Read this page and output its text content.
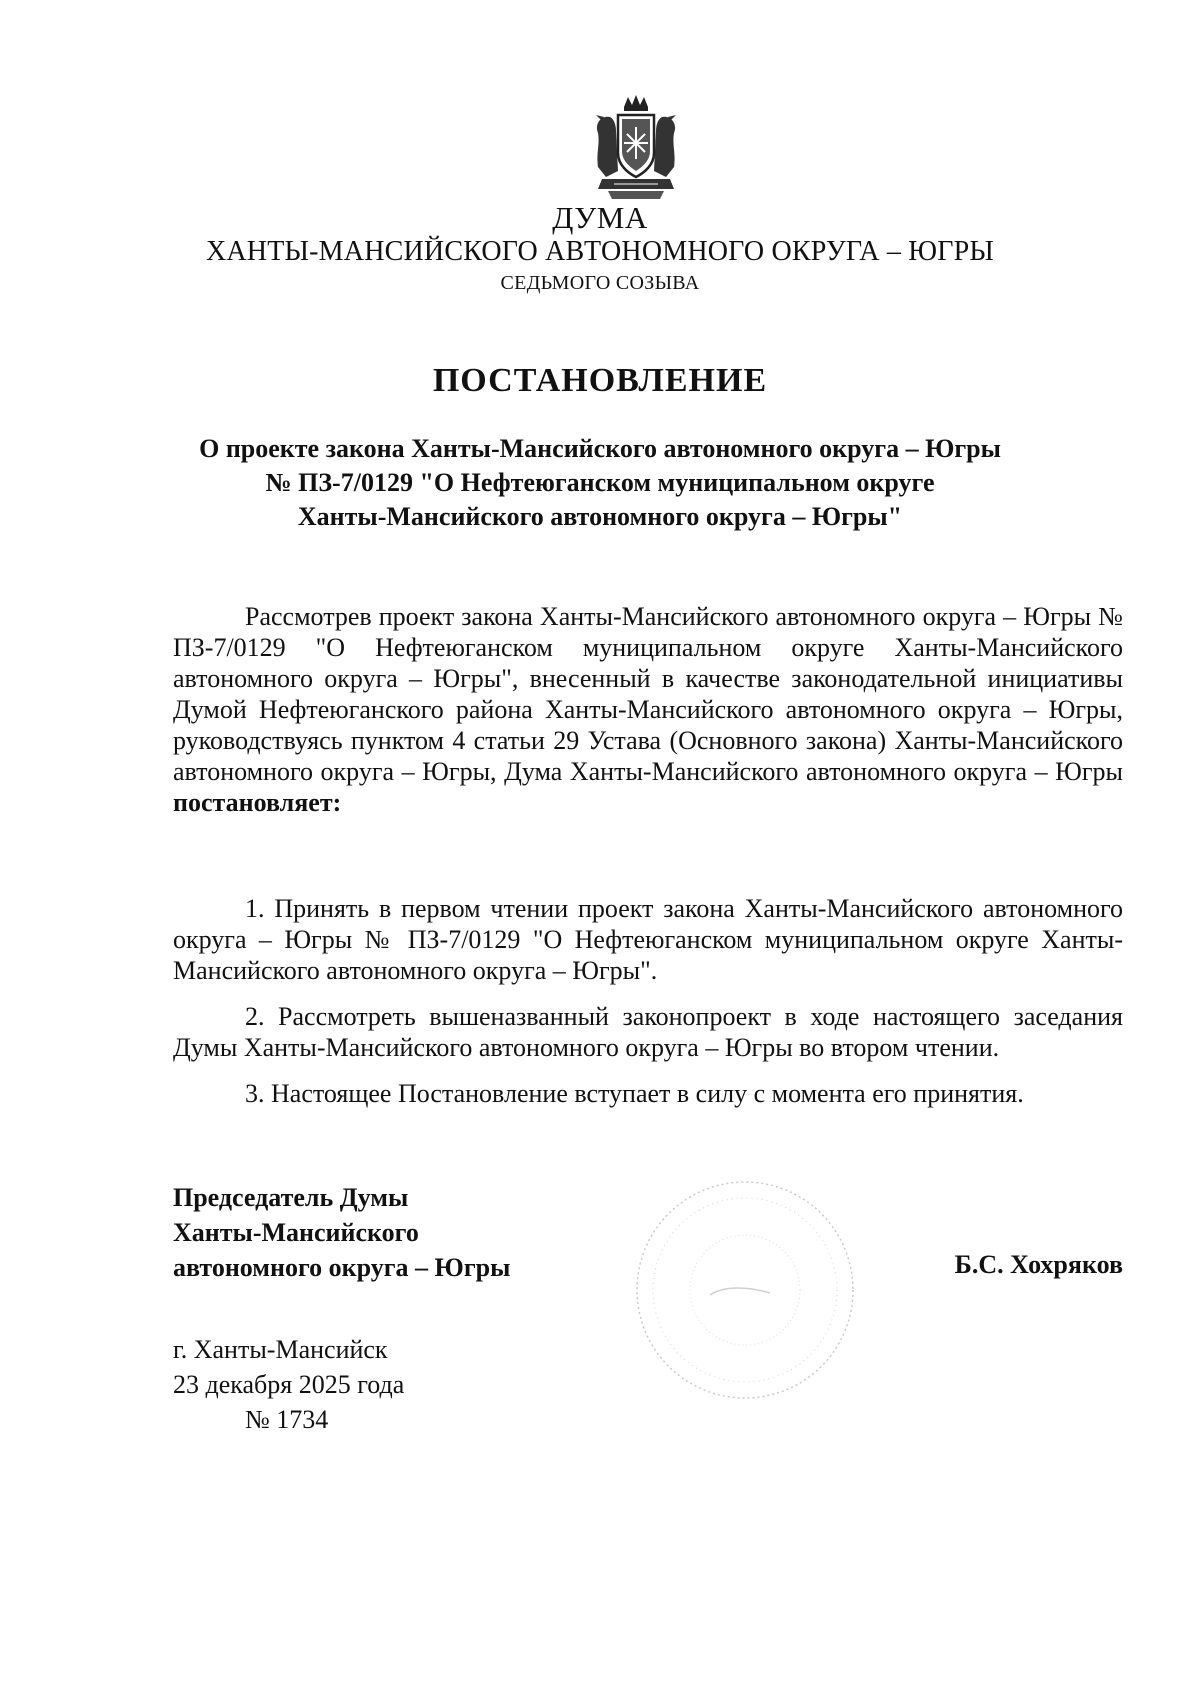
ДУМА
ХАНТЫ-МАНСИЙСКОГО АВТОНОМНОГО ОКРУГА – ЮГРЫ
СЕДЬМОГО СОЗЫВА
ПОСТАНОВЛЕНИЕ
О проекте закона Ханты-Мансийского автономного округа – Югры
№ ПЗ-7/0129 "О Нефтеюганском муниципальном округе
Ханты-Мансийского автономного округа – Югры"

Рассмотрев проект закона Ханты-Мансийского автономного округа – Югры № ПЗ-7/0129 "О Нефтеюганском муниципальном округе Ханты-Мансийского автономного округа – Югры", внесенный в качестве законодательной инициативы Думой Нефтеюганского района Ханты-Мансийского автономного округа – Югры, руководствуясь пунктом 4 статьи 29 Устава (Основного закона) Ханты-Мансийского автономного округа – Югры, Дума Ханты-Мансийского автономного округа – Югры постановляет:

1. Принять в первом чтении проект закона Ханты-Мансийского автономного округа – Югры № ПЗ-7/0129 "О Нефтеюганском муниципальном округе Ханты-Мансийского автономного округа – Югры".

2. Рассмотреть вышеназванный законопроект в ходе настоящего заседания Думы Ханты-Мансийского автономного округа – Югры во втором чтении.

3. Настоящее Постановление вступает в силу с момента его принятия.

Председатель Думы
Ханты-Мансийского
автономного округа – Югры	Б.С. Хохряков
г. Ханты-Мансийск
23 декабря 2025 года
№ 1734
